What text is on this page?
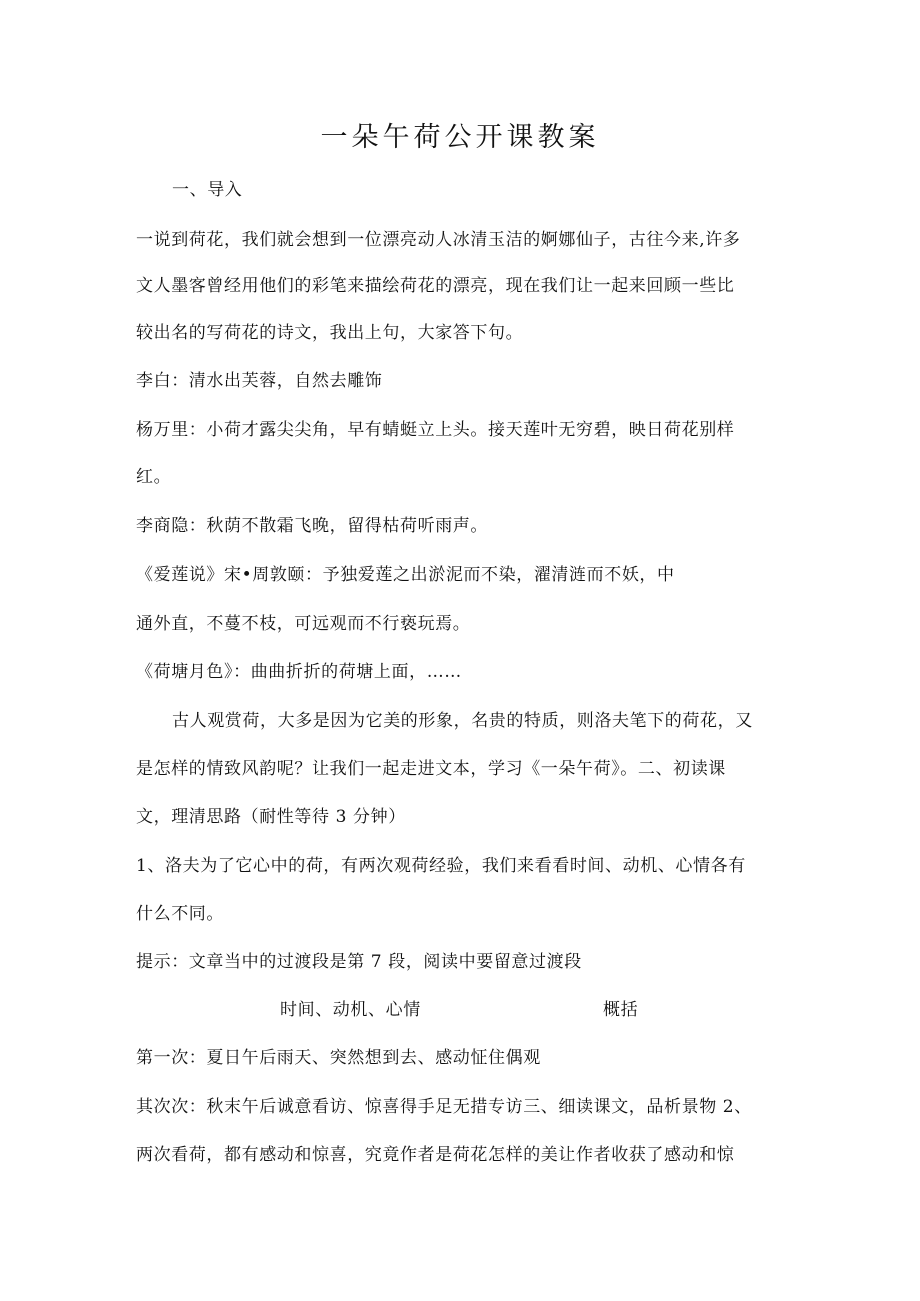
一朵午荷公开课教案
一、导入
一说到荷花，我们就会想到一位漂亮动人冰清玉洁的婀娜仙子，古往今来,许多
文人墨客曾经用他们的彩笔来描绘荷花的漂亮，现在我们让一起来回顾一些比
较出名的写荷花的诗文，我出上句，大家答下句。
李白：清水出芙蓉，自然去雕饰
杨万里：小荷才露尖尖角，早有蜻蜓立上头。接天莲叶无穷碧，映日荷花别样
红。
李商隐：秋荫不散霜飞晚，留得枯荷听雨声。
《爱莲说》宋•周敦颐：予独爱莲之出淤泥而不染，濯清涟而不妖，中
通外直，不蔓不枝，可远观而不行亵玩焉。
《荷塘月色》：曲曲折折的荷塘上面，……
古人观赏荷，大多是因为它美的形象，名贵的特质，则洛夫笔下的荷花，又
是怎样的情致风韵呢？让我们一起走进文本，学习《一朵午荷》。二、初读课
文，理清思路（耐性等待 3 分钟）
1、洛夫为了它心中的荷，有两次观荷经验，我们来看看时间、动机、心情各有
什么不同。
提示：文章当中的过渡段是第 7 段，阅读中要留意过渡段
时间、动机、心情	概括
第一次：夏日午后雨天、突然想到去、感动怔住偶观
其次次：秋末午后诚意看访、惊喜得手足无措专访三、细读课文，品析景物 2、
两次看荷，都有感动和惊喜，究竟作者是荷花怎样的美让作者收获了感动和惊
